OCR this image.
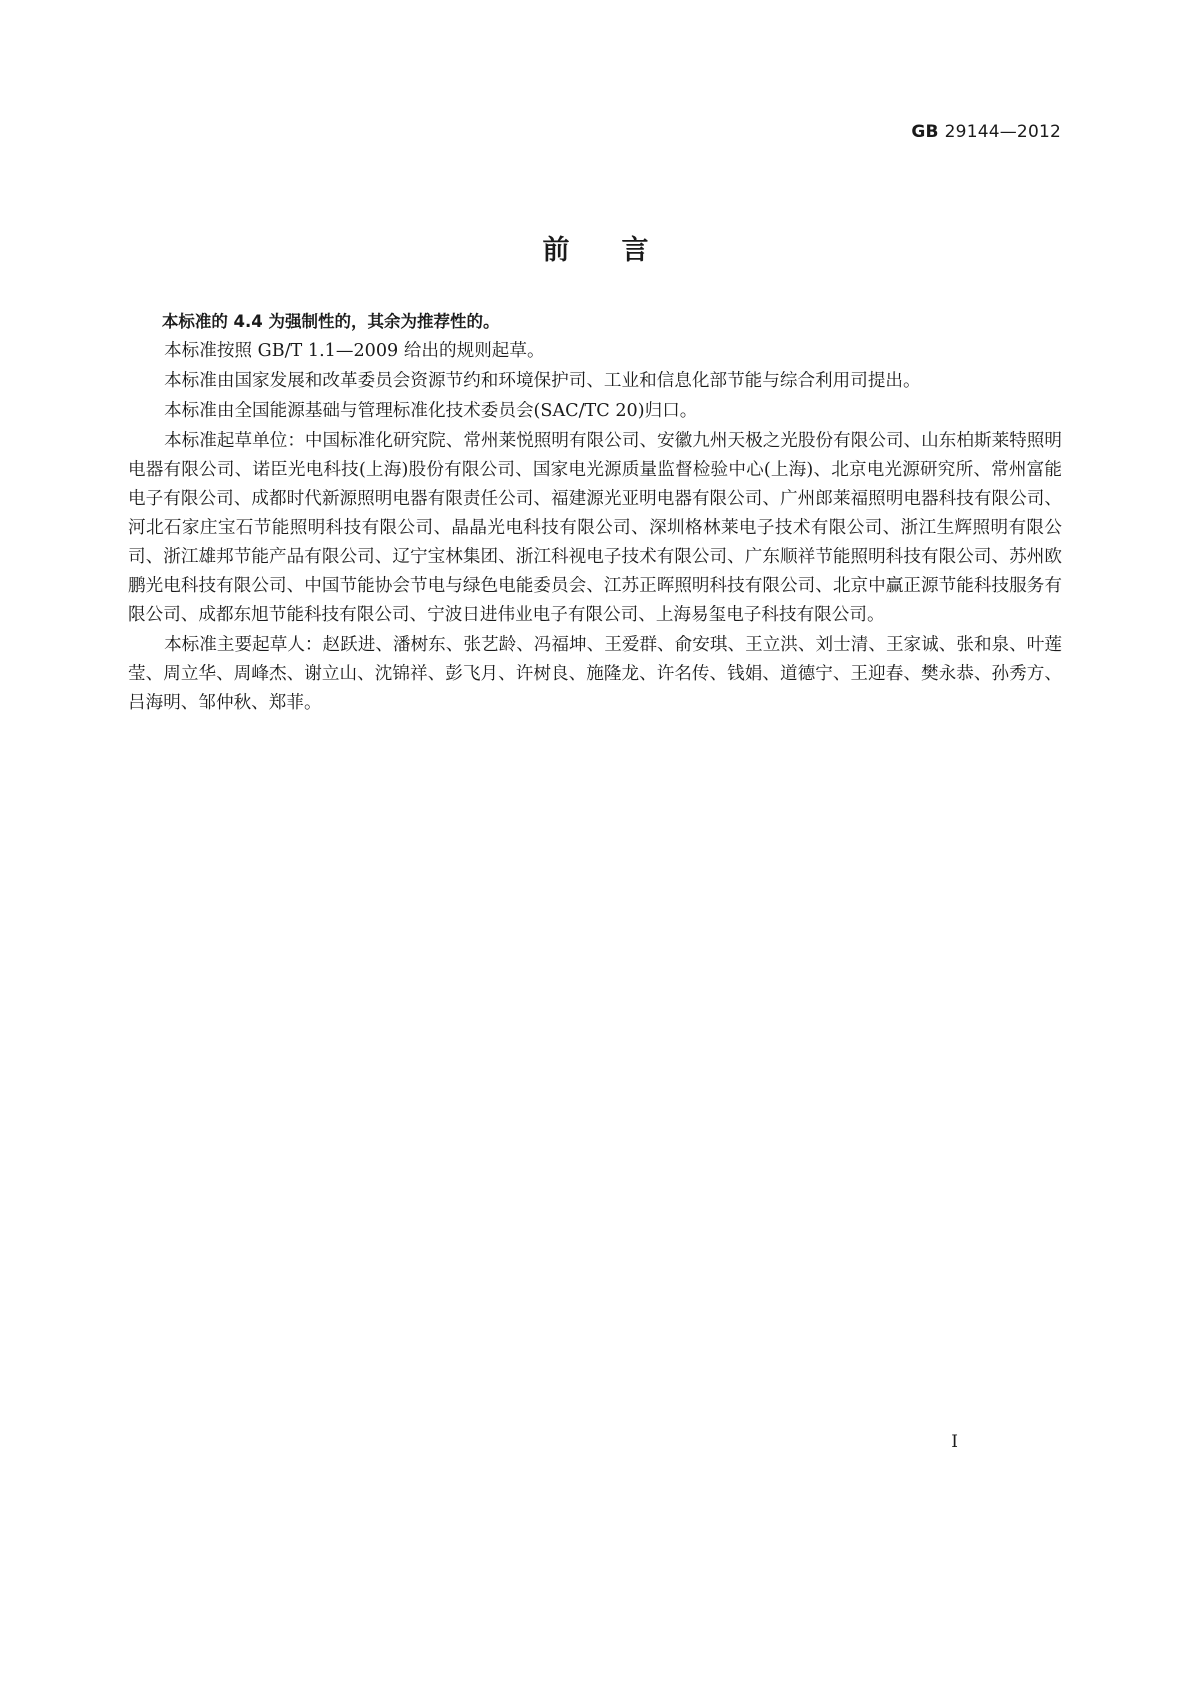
GB 29144—2012
前言

本标准的 4.4 为强制性的，其余为推荐性的。

本标准按照 GB/T 1.1—2009 给出的规则起草。

本标准由国家发展和改革委员会资源节约和环境保护司、工业和信息化部节能与综合利用司提出。

本标准由全国能源基础与管理标准化技术委员会(SAC/TC 20)归口。

本标准起草单位：中国标准化研究院、常州莱悦照明有限公司、安徽九州天极之光股份有限公司、山东柏斯莱特照明电器有限公司、诺臣光电科技(上海)股份有限公司、国家电光源质量监督检验中心(上海)、北京电光源研究所、常州富能电子有限公司、成都时代新源照明电器有限责任公司、福建源光亚明电器有限公司、广州郎莱福照明电器科技有限公司、河北石家庄宝石节能照明科技有限公司、晶晶光电科技有限公司、深圳格林莱电子技术有限公司、浙江生辉照明有限公司、浙江雄邦节能产品有限公司、辽宁宝林集团、浙江科视电子技术有限公司、广东顺祥节能照明科技有限公司、苏州欧鹏光电科技有限公司、中国节能协会节电与绿色电能委员会、江苏正晖照明科技有限公司、北京中赢正源节能科技服务有限公司、成都东旭节能科技有限公司、宁波日进伟业电子有限公司、上海易玺电子科技有限公司。

本标准主要起草人：赵跃进、潘树东、张艺龄、冯福坤、王爱群、俞安琪、王立洪、刘士清、王家诚、张和泉、叶莲莹、周立华、周峰杰、谢立山、沈锦祥、彭飞月、许树良、施隆龙、许名传、钱娟、道德宁、王迎春、樊永恭、孙秀方、吕海明、邹仲秋、郑菲。

I
